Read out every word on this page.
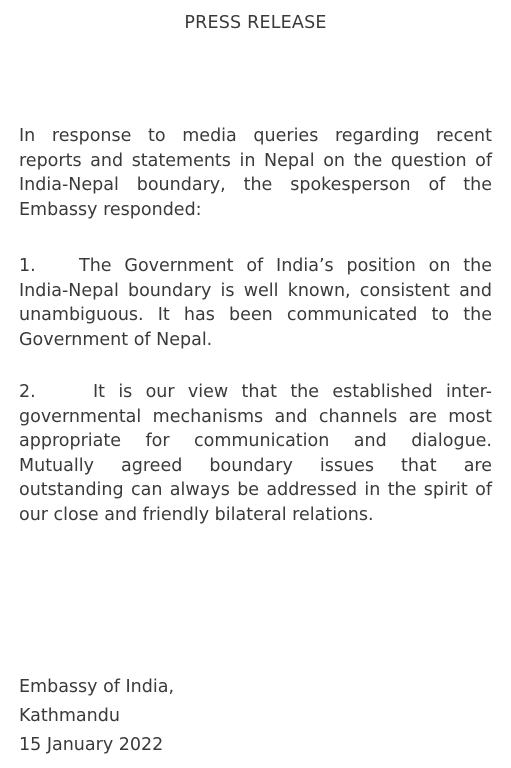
PRESS RELEASE

In response to media queries regarding recent reports and statements in Nepal on the question of India-Nepal boundary, the spokesperson of the Embassy responded:

1. The Government of India’s position on the India-Nepal boundary is well known, consistent and unambiguous. It has been communicated to the Government of Nepal.

2.	It is our view that the established inter-governmental mechanisms and channels are most appropriate for communication and dialogue. Mutually agreed boundary issues that are outstanding can always be addressed in the spirit of our close and friendly bilateral relations.

Embassy of India,
Kathmandu
15 January 2022
